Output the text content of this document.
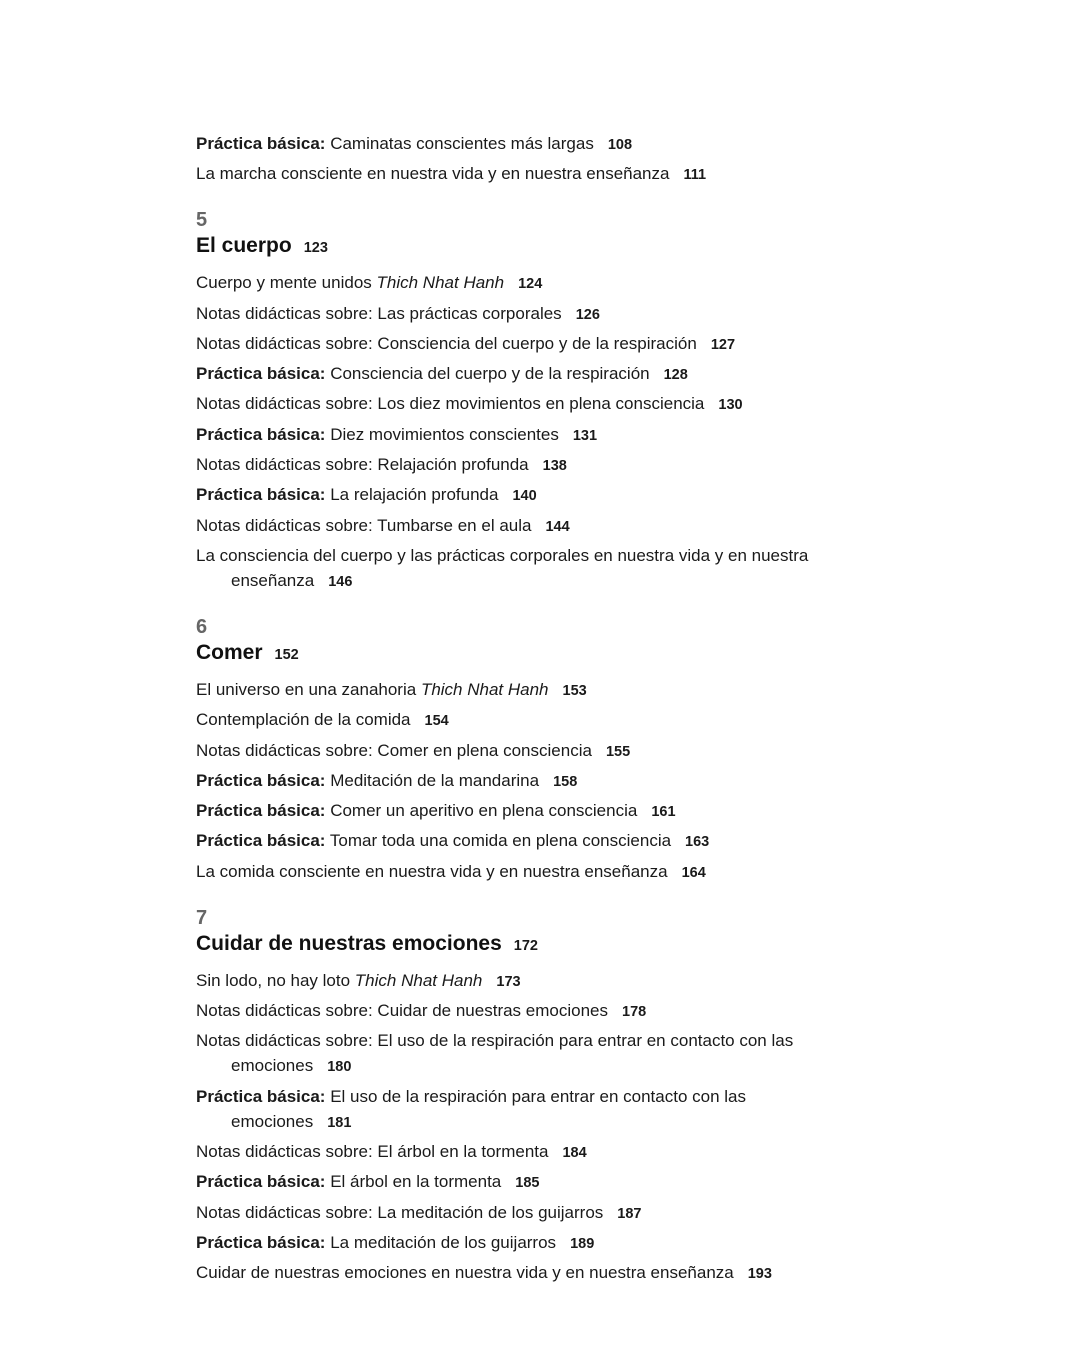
Práctica básica: Caminatas conscientes más largas 108
La marcha consciente en nuestra vida y en nuestra enseñanza 111
5
El cuerpo 123
Cuerpo y mente unidos Thich Nhat Hanh 124
Notas didácticas sobre: Las prácticas corporales 126
Notas didácticas sobre: Consciencia del cuerpo y de la respiración 127
Práctica básica: Consciencia del cuerpo y de la respiración 128
Notas didácticas sobre: Los diez movimientos en plena consciencia 130
Práctica básica: Diez movimientos conscientes 131
Notas didácticas sobre: Relajación profunda 138
Práctica básica: La relajación profunda 140
Notas didácticas sobre: Tumbarse en el aula 144
La consciencia del cuerpo y las prácticas corporales en nuestra vida y en nuestra enseñanza 146
6
Comer 152
El universo en una zanahoria Thich Nhat Hanh 153
Contemplación de la comida 154
Notas didácticas sobre: Comer en plena consciencia 155
Práctica básica: Meditación de la mandarina 158
Práctica básica: Comer un aperitivo en plena consciencia 161
Práctica básica: Tomar toda una comida en plena consciencia 163
La comida consciente en nuestra vida y en nuestra enseñanza 164
7
Cuidar de nuestras emociones 172
Sin lodo, no hay loto Thich Nhat Hanh 173
Notas didácticas sobre: Cuidar de nuestras emociones 178
Notas didácticas sobre: El uso de la respiración para entrar en contacto con las emociones 180
Práctica básica: El uso de la respiración para entrar en contacto con las emociones 181
Notas didácticas sobre: El árbol en la tormenta 184
Práctica básica: El árbol en la tormenta 185
Notas didácticas sobre: La meditación de los guijarros 187
Práctica básica: La meditación de los guijarros 189
Cuidar de nuestras emociones en nuestra vida y en nuestra enseñanza 193
